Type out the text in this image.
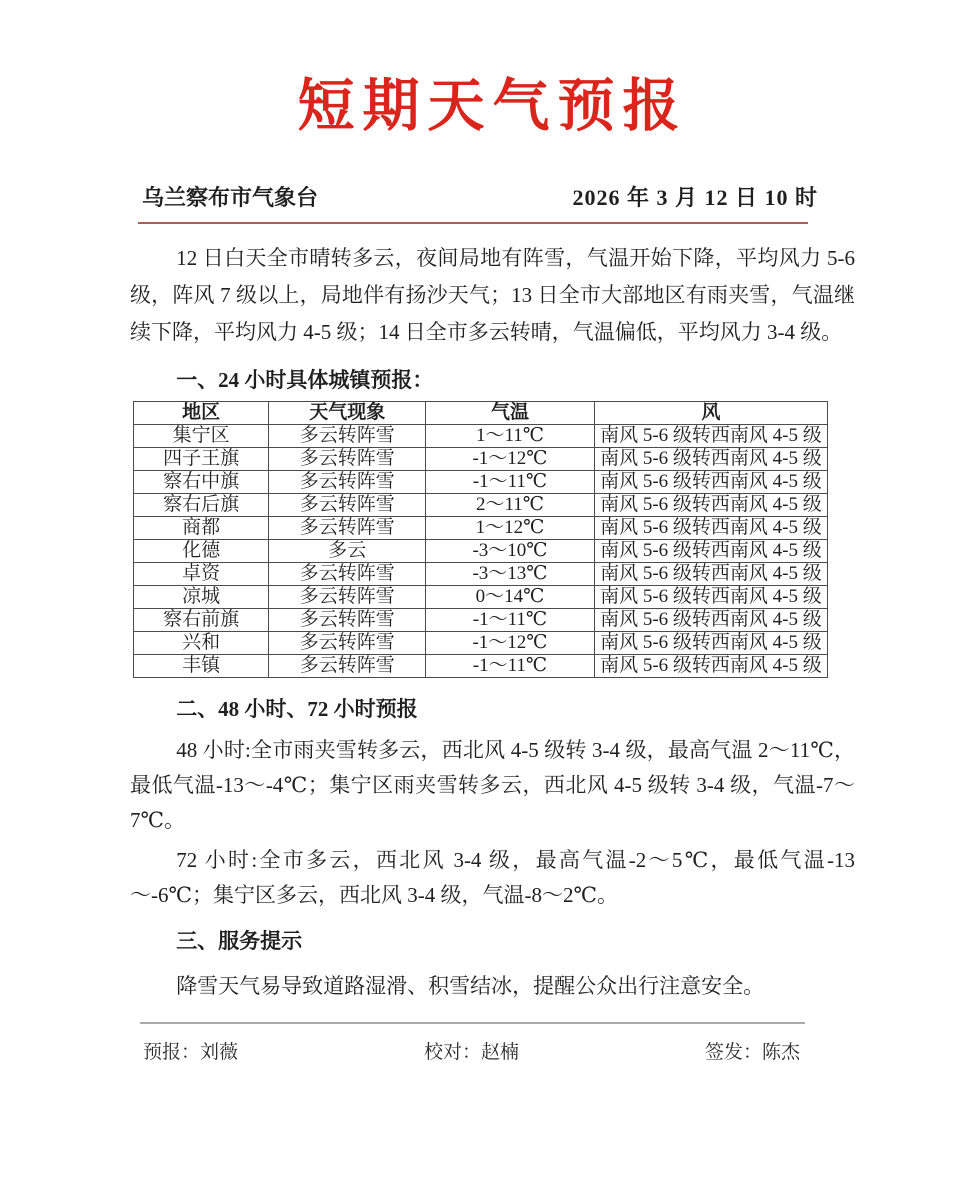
短期天气预报
乌兰察布市气象台	2026 年 3 月 12 日 10 时

12 日白天全市晴转多云，夜间局地有阵雪，气温开始下降，平均风力 5-6 级，阵风 7 级以上，局地伴有扬沙天气；13 日全市大部地区有雨夹雪，气温继续下降，平均风力 4-5 级；14 日全市多云转晴，气温偏低，平均风力 3-4 级。

一、24 小时具体城镇预报：

地区	天气现象	气温	风
集宁区	多云转阵雪	1～11℃	南风 5-6 级转西南风 4-5 级
四子王旗	多云转阵雪	-1～12℃	南风 5-6 级转西南风 4-5 级
察右中旗	多云转阵雪	-1～11℃	南风 5-6 级转西南风 4-5 级
察右后旗	多云转阵雪	2～11℃	南风 5-6 级转西南风 4-5 级
商都	多云转阵雪	1～12℃	南风 5-6 级转西南风 4-5 级
化德	多云	-3～10℃	南风 5-6 级转西南风 4-5 级
卓资	多云转阵雪	-3～13℃	南风 5-6 级转西南风 4-5 级
凉城	多云转阵雪	0～14℃	南风 5-6 级转西南风 4-5 级
察右前旗	多云转阵雪	-1～11℃	南风 5-6 级转西南风 4-5 级
兴和	多云转阵雪	-1～12℃	南风 5-6 级转西南风 4-5 级
丰镇	多云转阵雪	-1～11℃	南风 5-6 级转西南风 4-5 级

二、48 小时、72 小时预报

48 小时:全市雨夹雪转多云，西北风 4-5 级转 3-4 级，最高气温 2～11℃，最低气温-13～-4℃；集宁区雨夹雪转多云，西北风 4-5 级转 3-4 级，气温-7～7℃。

72 小时:全市多云，西北风 3-4 级，最高气温-2～5℃，最低气温-13～-6℃；集宁区多云，西北风 3-4 级，气温-8～2℃。

三、服务提示

降雪天气易导致道路湿滑、积雪结冰，提醒公众出行注意安全。

预报：刘薇	校对：赵楠	签发：陈杰
